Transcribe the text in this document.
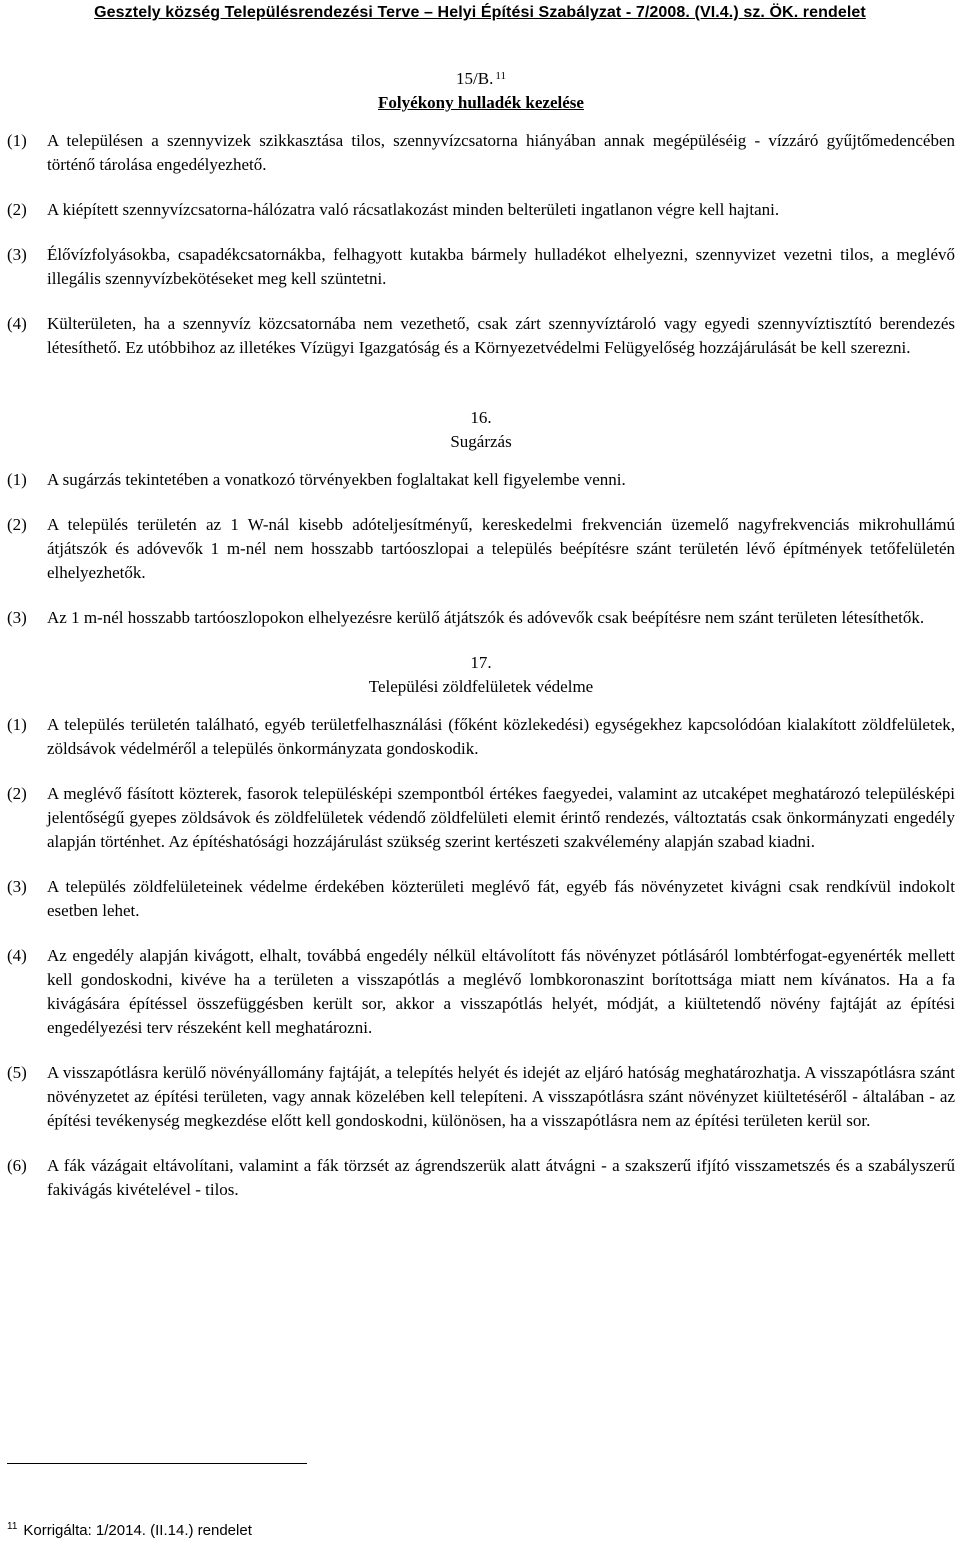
Gesztely község Településrendezési Terve – Helyi Építési Szabályzat - 7/2008. (VI.4.) sz. ÖK. rendelet
15/B. $^{11}$
Folyékony hulladék kezelése
(1)	A településen a szennyvizek szikkasztása tilos, szennyvízcsatorna hiányában annak megépüléséig - vízzáró gyűjtőmedencében történő tárolása engedélyezhető.
(2)	A kiépített szennyvízcsatorna-hálózatra való rácsatlakozást minden belterületi ingatlanon végre kell hajtani.
(3)	Élővízfolyásokba, csapadékcsatornákba, felhagyott kutakba bármely hulladékot elhelyezni, szennyvizet vezetni tilos, a meglévő illegális szennyvízbekötéseket meg kell szüntetni.
(4)	Külterületen, ha a szennyvíz közcsatornába nem vezethető, csak zárt szennyvíztároló vagy egyedi szennyvíztisztító berendezés létesíthető. Ez utóbbihoz az illetékes Vízügyi Igazgatóság és a Környezetvédelmi Felügyelőség hozzájárulását be kell szerezni.
16.
Sugárzás
(1)	A sugárzás tekintetében a vonatkozó törvényekben foglaltakat kell figyelembe venni.
(2)	A település területén az 1 W-nál kisebb adóteljesítményű, kereskedelmi frekvencián üzemelő nagyfrekvenciás mikrohullámú átjátszók és adóvevők 1 m-nél nem hosszabb tartóoszlopai a település beépítésre szánt területén lévő építmények tetőfelületén elhelyezhetők.
(3)	Az 1 m-nél hosszabb tartóoszlopokon elhelyezésre kerülő átjátszók és adóvevők csak beépítésre nem szánt területen létesíthetők.
17.
Települési zöldfelületek védelme
(1)	A település területén található, egyéb területfelhasználási (főként közlekedési) egységekhez kapcsolódóan kialakított zöldfelületek, zöldsávok védelméről a település önkormányzata gondoskodik.
(2)	A meglévő fásított közterek, fasorok településképi szempontból értékes faegyedei, valamint az utcaképet meghatározó településképi jelentőségű gyepes zöldsávok és zöldfelületek védendő zöldfelületi elemit érintő rendezés, változtatás csak önkormányzati engedély alapján történhet. Az építéshatósági hozzájárulást szükség szerint kertészeti szakvélemény alapján szabad kiadni.
(3)	A település zöldfelületeinek védelme érdekében közterületi meglévő fát, egyéb fás növényzetet kivágni csak rendkívül indokolt esetben lehet.
(4)	Az engedély alapján kivágott, elhalt, továbbá engedély nélkül eltávolított fás növényzet pótlásáról lombtérfogat-egyenérték mellett kell gondoskodni, kivéve ha a területen a visszapótlás a meglévő lombkoronaszint borítottsága miatt nem kívánatos. Ha a fa kivágására építéssel összefüggésben került sor, akkor a visszapótlás helyét, módját, a kiültetendő növény fajtáját az építési engedélyezési terv részeként kell meghatározni.
(5)	A visszapótlásra kerülő növényállomány fajtáját, a telepítés helyét és idejét az eljáró hatóság meghatározhatja. A visszapótlásra szánt növényzetet az építési területen, vagy annak közelében kell telepíteni. A visszapótlásra szánt növényzet kiültetéséről - általában - az építési tevékenység megkezdése előtt kell gondoskodni, különösen, ha a visszapótlásra nem az építési területen kerül sor.
(6)	A fák vázágait eltávolítani, valamint a fák törzsét az ágrendszerük alatt átvágni - a szakszerű ifjító visszametszés és a szabályszerű fakivágás kivételével - tilos.
$^{11}$ Korrigálta: 1/2014. (II.14.) rendelet
